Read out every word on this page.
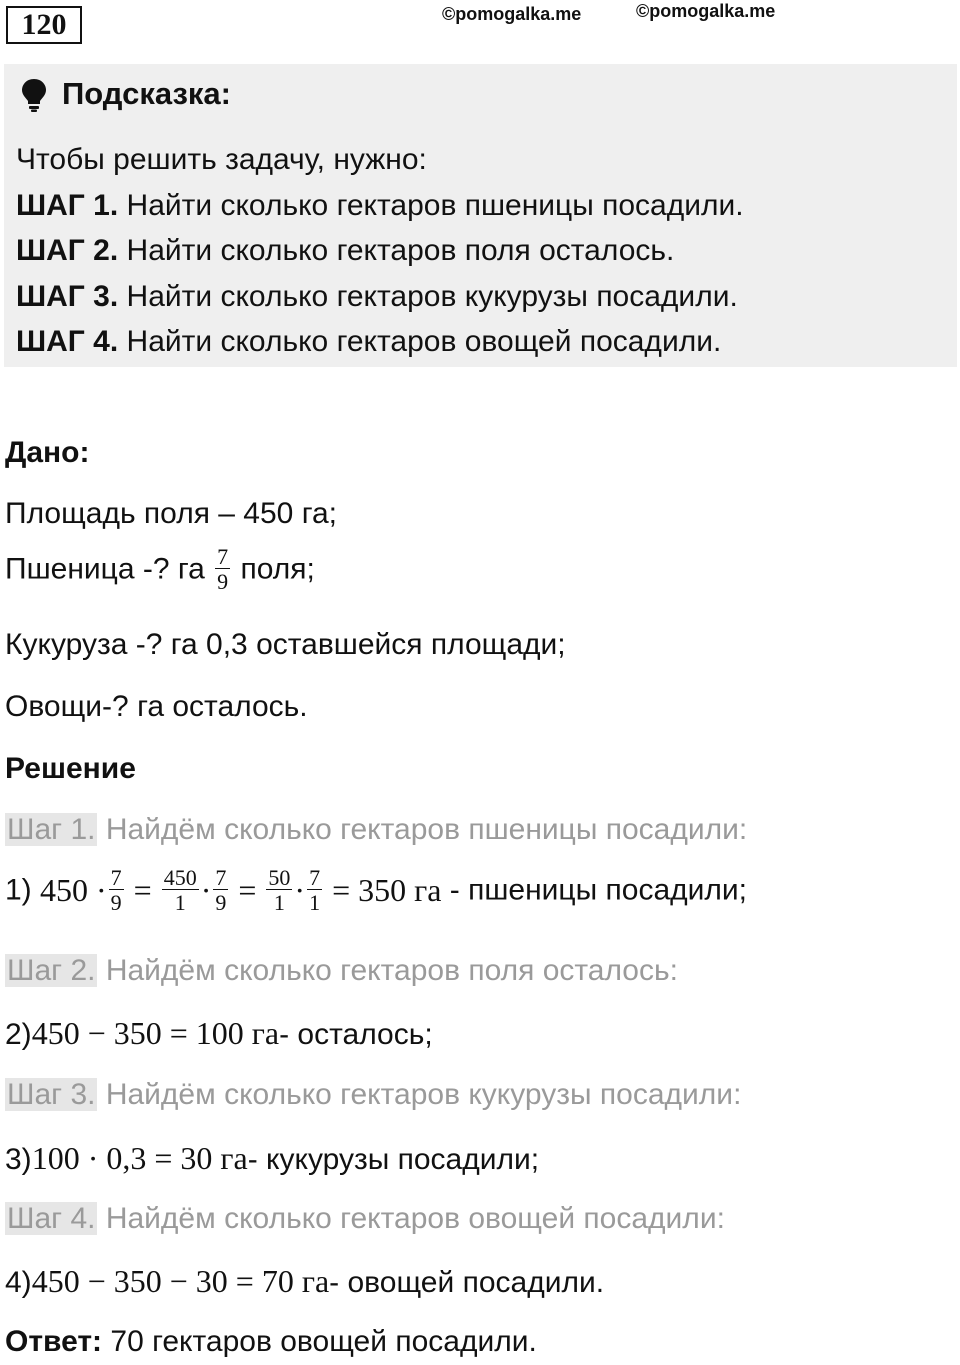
120	©pomogalka.me	©pomogalka.me
Подсказка:
Чтобы решить задачу, нужно:
ШАГ 1. Найти сколько гектаров пшеницы посадили.
ШАГ 2. Найти сколько гектаров поля осталось.
ШАГ 3. Найти сколько гектаров кукурузы посадили.
ШАГ 4. Найти сколько гектаров овощей посадили.
Дано:
Площадь поля – 450 га;
Пшеница -? га $\frac{7}{9}$ поля;
Кукуруза -? га 0,3 оставшейся площади;
Овощи-? га осталось.
Решение
Шаг 1. Найдём сколько гектаров пшеницы посадили:
1) $450 \cdot \frac{7}{9} = \frac{450}{1} \cdot \frac{7}{9} = \frac{50}{1} \cdot \frac{7}{1} = 350$ га - пшеницы посадили;
Шаг 2. Найдём сколько гектаров поля осталось:
2)450 − 350 = 100 га- осталось;
Шаг 3. Найдём сколько гектаров кукурузы посадили:
3)100 · 0,3 = 30 га- кукурузы посадили;
Шаг 4. Найдём сколько гектаров овощей посадили:
4)450 − 350 − 30 = 70 га- овощей посадили.
Ответ: 70 гектаров овощей посадили.
